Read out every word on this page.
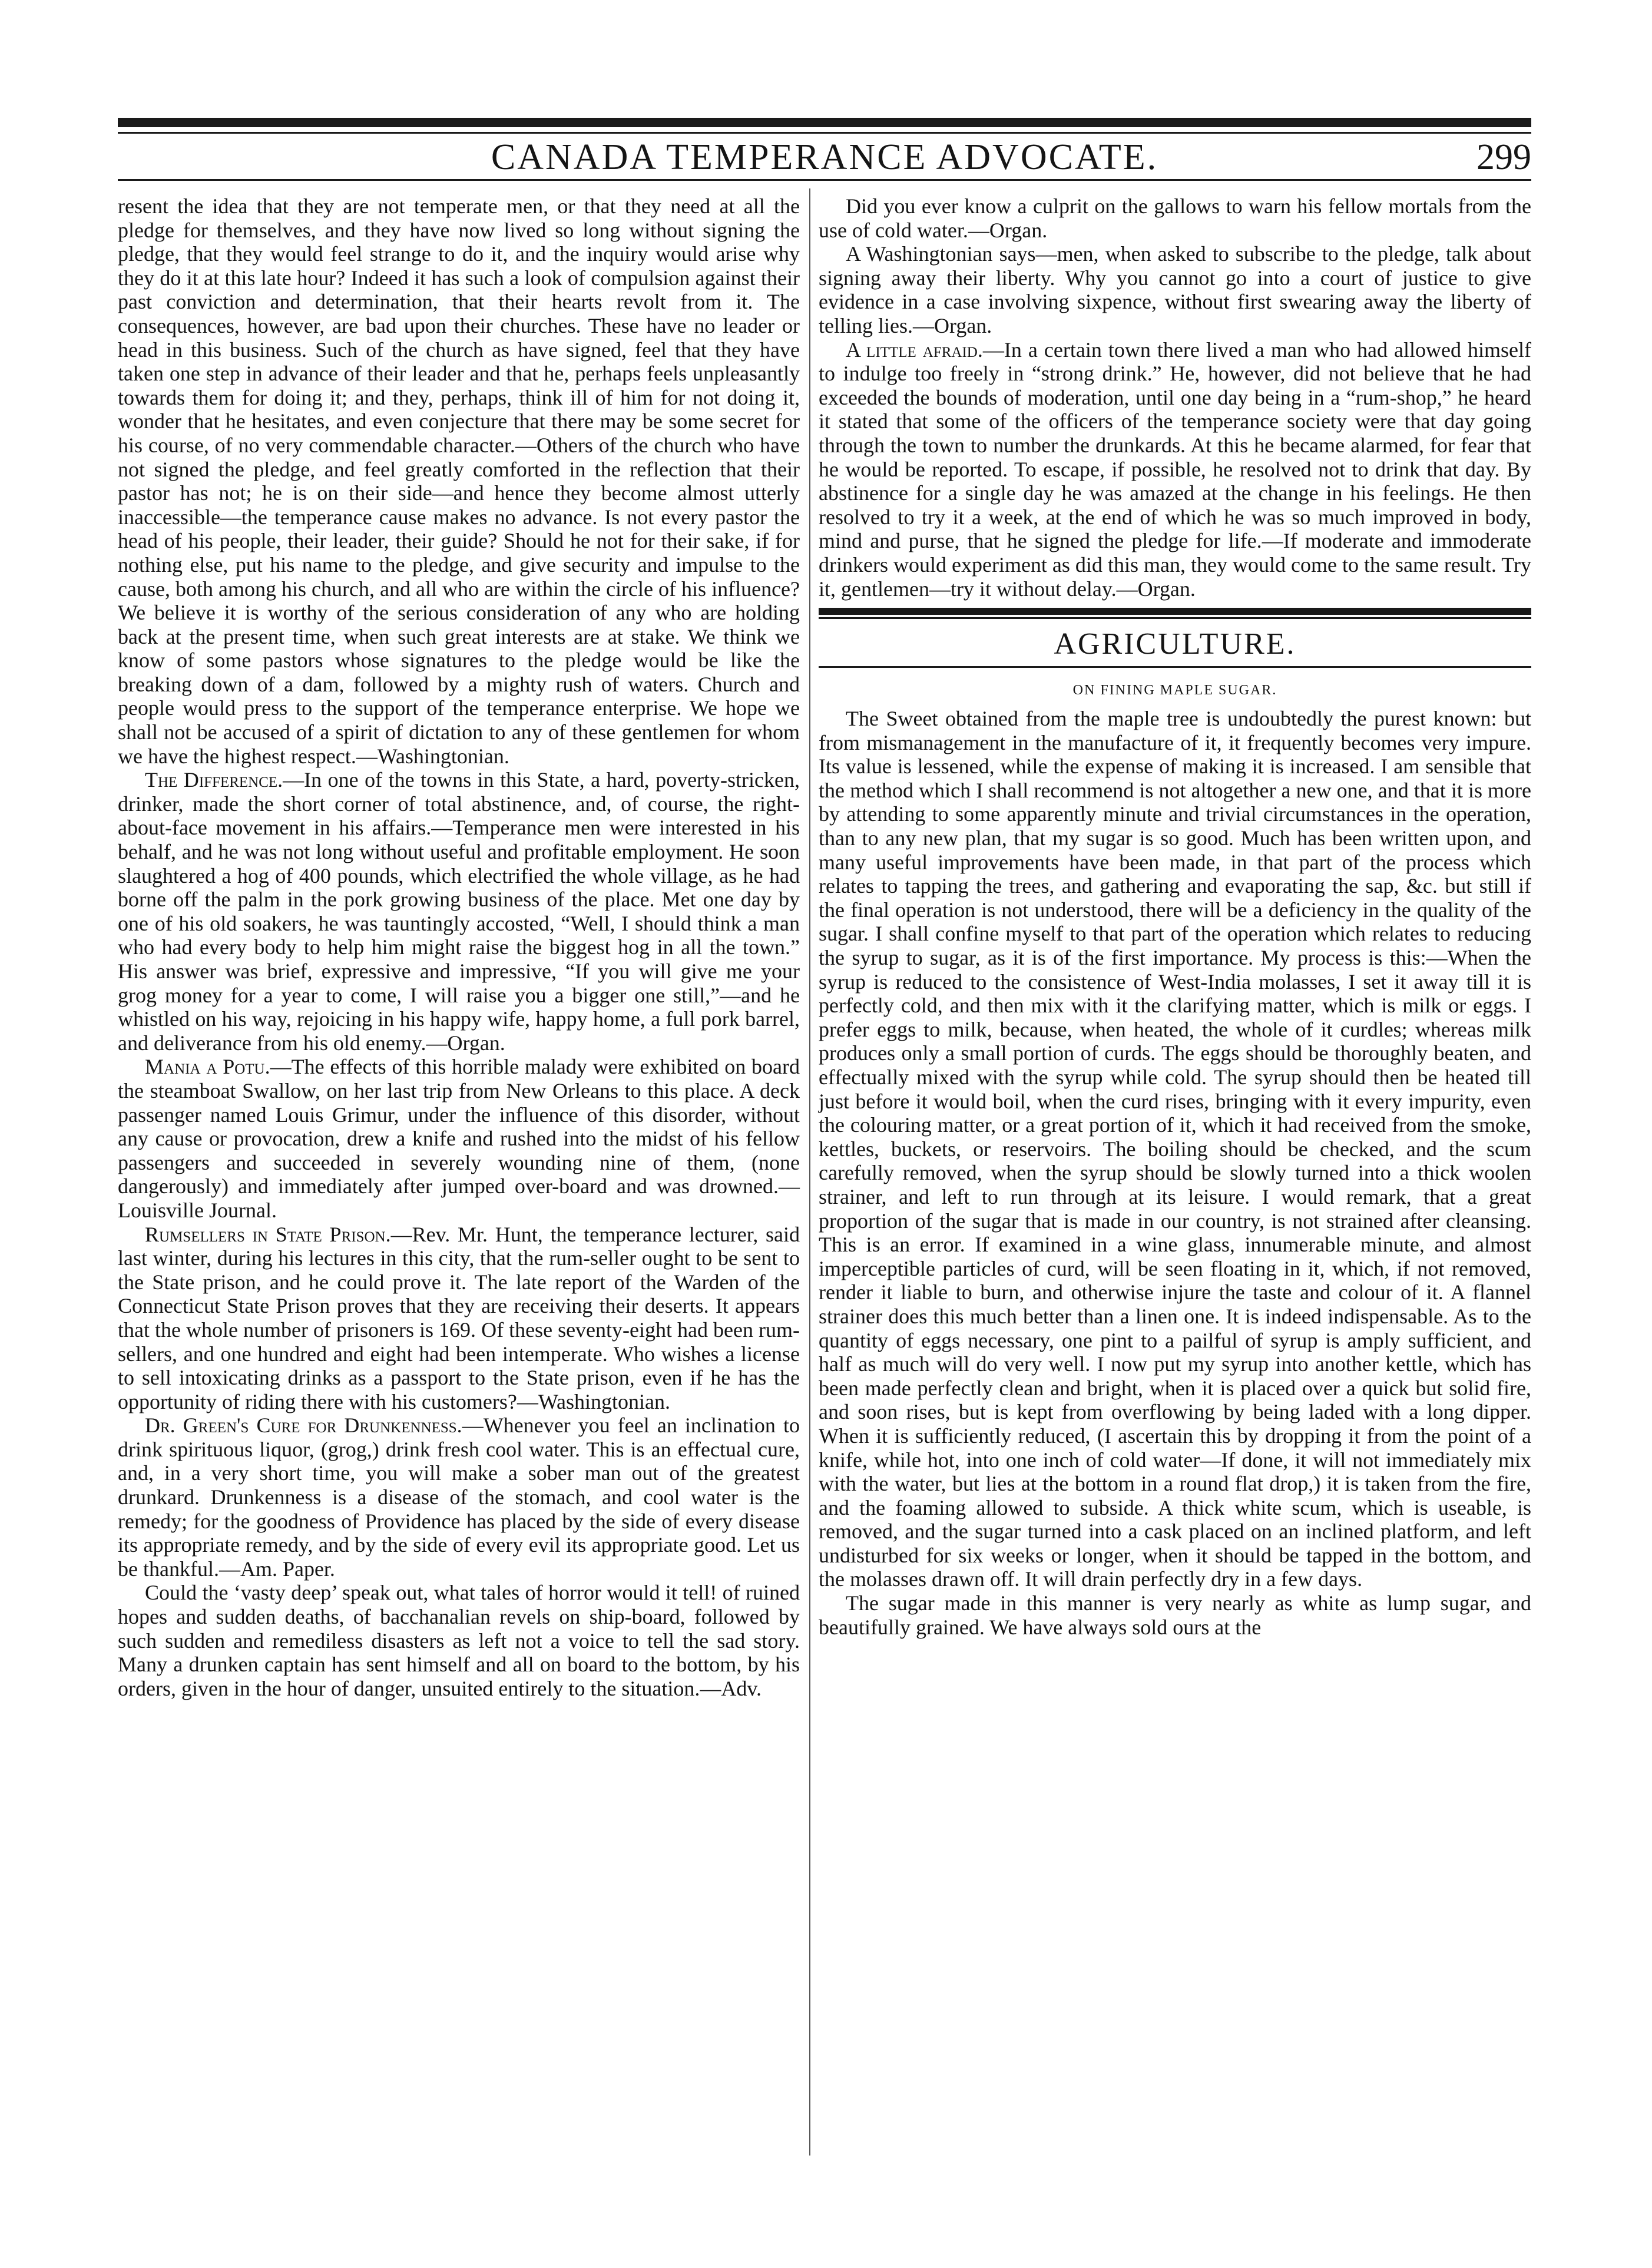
CANADA TEMPERANCE ADVOCATE.	299

resent the idea that they are not temperate men, or that they need at all the pledge for themselves, and they have now lived so long without signing the pledge, that they would feel strange to do it, and the inquiry would arise why they do it at this late hour? Indeed it has such a look of compulsion against their past conviction and determination, that their hearts revolt from it. The consequences, however, are bad upon their churches. These have no leader or head in this business. Such of the church as have signed, feel that they have taken one step in advance of their leader and that he, perhaps feels unpleasantly towards them for doing it; and they, perhaps, think ill of him for not doing it, wonder that he hesitates, and even conjecture that there may be some secret for his course, of no very commendable character.—Others of the church who have not signed the pledge, and feel greatly comforted in the reflection that their pastor has not; he is on their side—and hence they become almost utterly inaccessible—the temperance cause makes no advance. Is not every pastor the head of his people, their leader, their guide? Should he not for their sake, if for nothing else, put his name to the pledge, and give security and impulse to the cause, both among his church, and all who are within the circle of his influence? We believe it is worthy of the serious consideration of any who are holding back at the present time, when such great interests are at stake. We think we know of some pastors whose signatures to the pledge would be like the breaking down of a dam, followed by a mighty rush of waters. Church and people would press to the support of the temperance enterprise. We hope we shall not be accused of a spirit of dictation to any of these gentlemen for whom we have the highest respect.—Washingtonian.

The Difference.—In one of the towns in this State, a hard, poverty-stricken, drinker, made the short corner of total abstinence, and, of course, the right-about-face movement in his affairs.—Temperance men were interested in his behalf, and he was not long without useful and profitable employment. He soon slaughtered a hog of 400 pounds, which electrified the whole village, as he had borne off the palm in the pork growing business of the place. Met one day by one of his old soakers, he was tauntingly accosted, “Well, I should think a man who had every body to help him might raise the biggest hog in all the town.” His answer was brief, expressive and impressive, “If you will give me your grog money for a year to come, I will raise you a bigger one still,”—and he whistled on his way, rejoicing in his happy wife, happy home, a full pork barrel, and deliverance from his old enemy.—Organ.

Mania a Potu.—The effects of this horrible malady were exhibited on board the steamboat Swallow, on her last trip from New Orleans to this place. A deck passenger named Louis Grimur, under the influence of this disorder, without any cause or provocation, drew a knife and rushed into the midst of his fellow passengers and succeeded in severely wounding nine of them, (none dangerously) and immediately after jumped over-board and was drowned.—Louisville Journal.

Rumsellers in State Prison.—Rev. Mr. Hunt, the temperance lecturer, said last winter, during his lectures in this city, that the rum-seller ought to be sent to the State prison, and he could prove it. The late report of the Warden of the Connecticut State Prison proves that they are receiving their deserts. It appears that the whole number of prisoners is 169. Of these seventy-eight had been rum-sellers, and one hundred and eight had been intemperate. Who wishes a license to sell intoxicating drinks as a passport to the State prison, even if he has the opportunity of riding there with his customers?—Washingtonian.

Dr. Green's Cure for Drunkenness.—Whenever you feel an inclination to drink spirituous liquor, (grog,) drink fresh cool water. This is an effectual cure, and, in a very short time, you will make a sober man out of the greatest drunkard. Drunkenness is a disease of the stomach, and cool water is the remedy; for the goodness of Providence has placed by the side of every disease its appropriate remedy, and by the side of every evil its appropriate good. Let us be thankful.—Am. Paper.

Could the ‘vasty deep’ speak out, what tales of horror would it tell! of ruined hopes and sudden deaths, of bacchanalian revels on ship-board, followed by such sudden and remediless disasters as left not a voice to tell the sad story. Many a drunken captain has sent himself and all on board to the bottom, by his orders, given in the hour of danger, unsuited entirely to the situation.—Adv.

Did you ever know a culprit on the gallows to warn his fellow mortals from the use of cold water.—Organ.

A Washingtonian says—men, when asked to subscribe to the pledge, talk about signing away their liberty. Why you cannot go into a court of justice to give evidence in a case involving sixpence, without first swearing away the liberty of telling lies.—Organ.

A little afraid.—In a certain town there lived a man who had allowed himself to indulge too freely in “strong drink.” He, however, did not believe that he had exceeded the bounds of moderation, until one day being in a “rum-shop,” he heard it stated that some of the officers of the temperance society were that day going through the town to number the drunkards. At this he became alarmed, for fear that he would be reported. To escape, if possible, he resolved not to drink that day. By abstinence for a single day he was amazed at the change in his feelings. He then resolved to try it a week, at the end of which he was so much improved in body, mind and purse, that he signed the pledge for life.—If moderate and immoderate drinkers would experiment as did this man, they would come to the same result. Try it, gentlemen—try it without delay.—Organ.

AGRICULTURE.
ON FINING MAPLE SUGAR.

The Sweet obtained from the maple tree is undoubtedly the purest known: but from mismanagement in the manufacture of it, it frequently becomes very impure. Its value is lessened, while the expense of making it is increased. I am sensible that the method which I shall recommend is not altogether a new one, and that it is more by attending to some apparently minute and trivial circumstances in the operation, than to any new plan, that my sugar is so good. Much has been written upon, and many useful improvements have been made, in that part of the process which relates to tapping the trees, and gathering and evaporating the sap, &c. but still if the final operation is not understood, there will be a deficiency in the quality of the sugar. I shall confine myself to that part of the operation which relates to reducing the syrup to sugar, as it is of the first importance. My process is this:—When the syrup is reduced to the consistence of West-India molasses, I set it away till it is perfectly cold, and then mix with it the clarifying matter, which is milk or eggs. I prefer eggs to milk, because, when heated, the whole of it curdles; whereas milk produces only a small portion of curds. The eggs should be thoroughly beaten, and effectually mixed with the syrup while cold. The syrup should then be heated till just before it would boil, when the curd rises, bringing with it every impurity, even the colouring matter, or a great portion of it, which it had received from the smoke, kettles, buckets, or reservoirs. The boiling should be checked, and the scum carefully removed, when the syrup should be slowly turned into a thick woolen strainer, and left to run through at its leisure. I would remark, that a great proportion of the sugar that is made in our country, is not strained after cleansing. This is an error. If examined in a wine glass, innumerable minute, and almost imperceptible particles of curd, will be seen floating in it, which, if not removed, render it liable to burn, and otherwise injure the taste and colour of it. A flannel strainer does this much better than a linen one. It is indeed indispensable. As to the quantity of eggs necessary, one pint to a pailful of syrup is amply sufficient, and half as much will do very well. I now put my syrup into another kettle, which has been made perfectly clean and bright, when it is placed over a quick but solid fire, and soon rises, but is kept from overflowing by being laded with a long dipper. When it is sufficiently reduced, (I ascertain this by dropping it from the point of a knife, while hot, into one inch of cold water—If done, it will not immediately mix with the water, but lies at the bottom in a round flat drop,) it is taken from the fire, and the foaming allowed to subside. A thick white scum, which is useable, is removed, and the sugar turned into a cask placed on an inclined platform, and left undisturbed for six weeks or longer, when it should be tapped in the bottom, and the molasses drawn off. It will drain perfectly dry in a few days.

The sugar made in this manner is very nearly as white as lump sugar, and beautifully grained. We have always sold ours at the
